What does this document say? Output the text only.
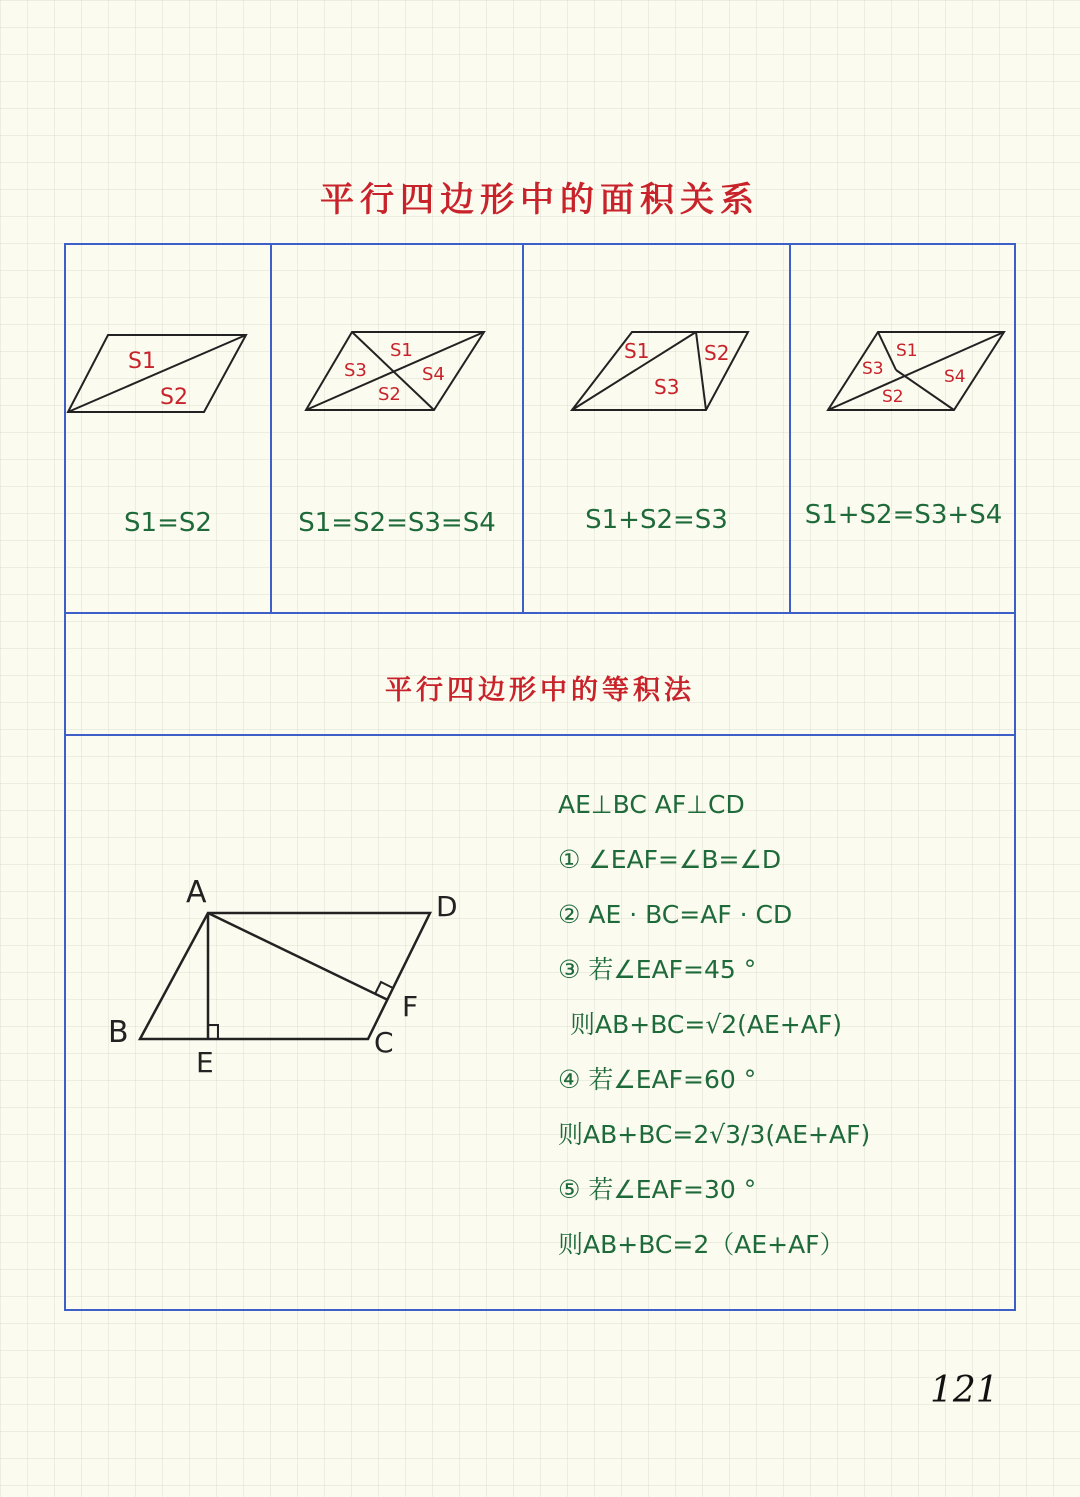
平行四边形中的面积关系
S1
S2
S1=S2
S1
S3	S4
S2
S1=S2=S3=S4
S1	S2
S3
S1+S2=S3
S1
S3	S4
S2
S1+S2=S3+S4
平行四边形中的等积法
A	D
B	C
E
F
AE⊥BC AF⊥CD
① ∠EAF=∠B=∠D
② AE · BC=AF · CD
③ 若∠EAF=45 °
则AB+BC=√2(AE+AF)
④ 若∠EAF=60 °
则AB+BC=2√3/3(AE+AF)
⑤ 若∠EAF=30 °
则AB+BC=2（AE+AF）
121
